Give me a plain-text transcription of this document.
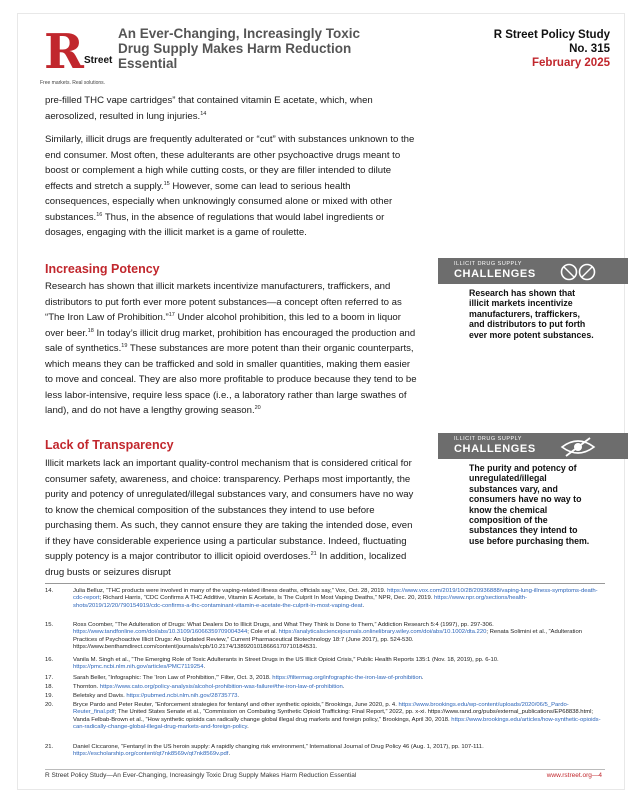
R Street
Free markets. Real solutions.
An Ever-Changing, Increasingly Toxic Drug Supply Makes Harm Reduction Essential
R Street Policy Study
No. 315
February 2025
pre-filled THC vape cartridges” that contained vitamin E acetate, which, when aerosolized, resulted in lung injuries.$^{14}$
Similarly, illicit drugs are frequently adulterated or “cut” with substances unknown to the end consumer. Most often, these adulterants are other psychoactive drugs meant to boost or complement a high while cutting costs, or they are filler intended to dilute effects and stretch a supply.$^{15}$ However, some can lead to serious health consequences, especially when unknowingly consumed alone or mixed with other substances.$^{16}$ Thus, in the absence of regulations that would label ingredients or dosages, engaging with the illicit market is a game of roulette.
Increasing Potency
Research has shown that illicit markets incentivize manufacturers, traffickers, and distributors to put forth ever more potent substances—a concept often referred to as “The Iron Law of Prohibition.”$^{17}$ Under alcohol prohibition, this led to a boom in liquor over beer.$^{18}$ In today’s illicit drug market, prohibition has encouraged the production and sale of synthetics.$^{19}$ These substances are more potent than their organic counterparts, which means they can be trafficked and sold in smaller quantities, making them easier to move and conceal. They are also more profitable to produce because they tend to be less labor-intensive, require less space (i.e., a laboratory rather than large swathes of land), and do not have a lengthy growing season.$^{20}$
Lack of Transparency
Illicit markets lack an important quality-control mechanism that is considered critical for consumer safety, awareness, and choice: transparency. Perhaps most importantly, the purity and potency of unregulated/illegal substances vary, and consumers have no way to know the chemical composition of the substances they intend to use before purchasing them. As such, they cannot ensure they are taking the intended dose, even if they have considerable experience using a particular substance. Indeed, fluctuating supply potency is a major contributor to illicit opioid overdoses.$^{21}$ In addition, localized drug busts or seizures disrupt
ILLICIT DRUG SUPPLY
CHALLENGES
Research has shown that illicit markets incentivize manufacturers, traffickers, and distributors to put forth ever more potent substances.
ILLICIT DRUG SUPPLY
CHALLENGES
The purity and potency of unregulated/illegal substances vary, and consumers have no way to know the chemical composition of the substances they intend to use before purchasing them.
14.	Julia Belluz, “THC products were involved in many of the vaping-related illness deaths, officials say,” Vox, Oct. 28, 2019. https://www.vox.com/2019/10/28/20936888/vaping-lung-illness-symptoms-death-cdc-report; Richard Harris, “CDC Confirms A THC Additive, Vitamin E Acetate, Is The Culprit In Most Vaping Deaths,” NPR, Dec. 20, 2019. https://www.npr.org/sections/health-shots/2019/12/20/790154919/cdc-confirms-a-thc-contaminant-vitamin-e-acetate-the-culprit-in-most-vaping-deat.
15.	Ross Coomber, “The Adulteration of Drugs: What Dealers Do to Illicit Drugs, and What They Think is Done to Them,” Addiction Research 5:4 (1997), pp. 297-306. https://www.tandfonline.com/doi/abs/10.3109/16066359709004344; Cole et al. https://analyticalsciencejournals.onlinelibrary.wiley.com/doi/abs/10.1002/dta.220; Renata Solimini et al., “Adulteration Practices of Psychoactive Illicit Drugs: An Updated Review,” Current Pharmaceutical Biotechnology 18:7 (June 2017), pp. 524-530. https://www.benthamdirect.com/content/journals/cpb/10.2174/1389201018666170710184531.
16.	Vanila M. Singh et al., “The Emerging Role of Toxic Adulterants in Street Drugs in the US Illicit Opioid Crisis,” Public Health Reports 135:1 (Nov. 18, 2019), pp. 6-10. https://pmc.ncbi.nlm.nih.gov/articles/PMC7119254.
17.	Sarah Beller, “Infographic: The ‘Iron Law of Prohibition,’” Filter, Oct. 3, 2018. https://filtermag.org/infographic-the-iron-law-of-prohibition.
18.	Thornton. https://www.cato.org/policy-analysis/alcohol-prohibition-was-failure#the-iron-law-of-prohibition.
19.	Beletsky and Davis. https://pubmed.ncbi.nlm.nih.gov/28735773.
20.	Bryce Pardo and Peter Reuter, “Enforcement strategies for fentanyl and other synthetic opioids,” Brookings, June 2020, p. 4. https://www.brookings.edu/wp-content/uploads/2020/06/5_Pardo-Reuter_final.pdf; The United States Senate et al., “Commission on Combating Synthetic Opioid Trafficking: Final Report,” 2022, pp. x-xi. https://www.rand.org/pubs/external_publications/EP68838.html; Vanda Felbab-Brown et al., “How synthetic opioids can radically change global illegal drug markets and foreign policy,” Brookings, April 30, 2018. https://www.brookings.edu/articles/how-synthetic-opioids-can-radically-change-global-illegal-drug-markets-and-foreign-policy.
21.	Daniel Ciccarone, “Fentanyl in the US heroin supply: A rapidly changing risk environment,” International Journal of Drug Policy 46 (Aug. 1, 2017), pp. 107-111. https://escholarship.org/content/qt7nk8569v/qt7nk8569v.pdf.
R Street Policy Study—An Ever-Changing, Increasingly Toxic Drug Supply Makes Harm Reduction Essential	www.rstreet.org—4
